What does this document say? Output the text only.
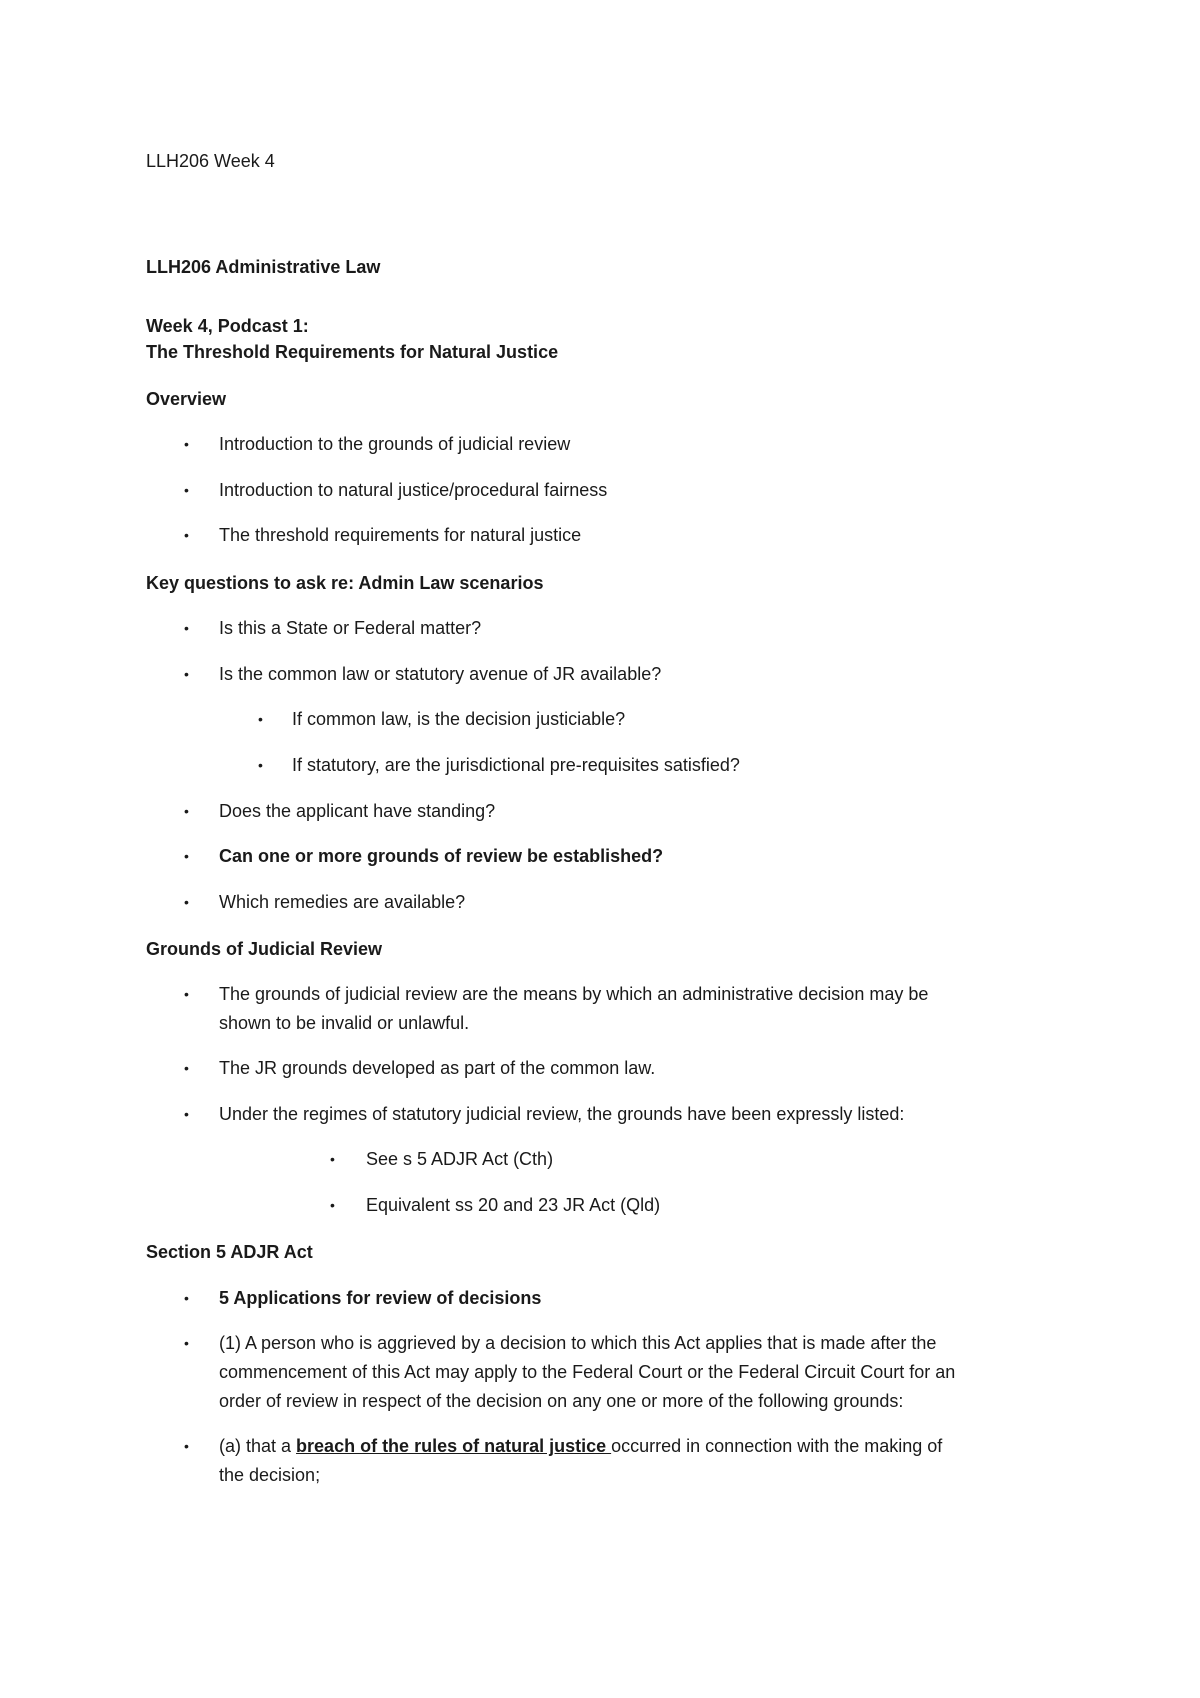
LLH206 Week 4
LLH206 Administrative Law
Week 4, Podcast 1:
The Threshold Requirements for Natural Justice
Overview
• Introduction to the grounds of judicial review
• Introduction to natural justice/procedural fairness
• The threshold requirements for natural justice
Key questions to ask re: Admin Law scenarios
• Is this a State or Federal matter?
• Is the common law or statutory avenue of JR available?
• If common law, is the decision justiciable?
• If statutory, are the jurisdictional pre-requisites satisfied?
• Does the applicant have standing?
• Can one or more grounds of review be established?
• Which remedies are available?
Grounds of Judicial Review
• The grounds of judicial review are the means by which an administrative decision may be
shown to be invalid or unlawful.
• The JR grounds developed as part of the common law.
• Under the regimes of statutory judicial review, the grounds have been expressly listed:
• See s 5 ADJR Act (Cth)
• Equivalent ss 20 and 23 JR Act (Qld)
Section 5 ADJR Act
• 5 Applications for review of decisions
• (1) A person who is aggrieved by a decision to which this Act applies that is made after the
commencement of this Act may apply to the Federal Court or the Federal Circuit Court for an
order of review in respect of the decision on any one or more of the following grounds:
• (a) that a breach of the rules of natural justice occurred in connection with the making of
the decision;
